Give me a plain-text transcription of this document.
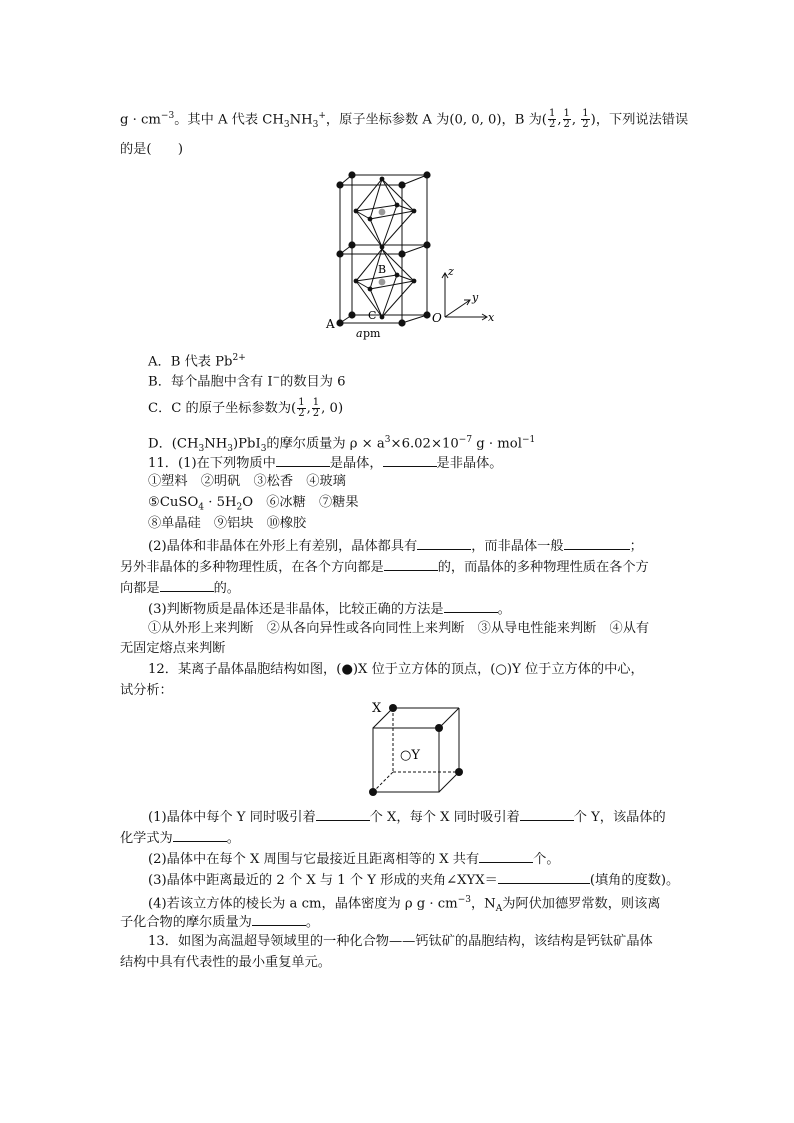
$g \cdot cm^{-3}$。其中 A 代表 $CH_3NH_3^+$，原子坐标参数 A 为(0, 0, 0)，B 为( $\frac{1}{2}$ , $\frac{1}{2}$ , $\frac{1}{2}$ )，下列说法错误
的是(　　)
A
B
C
a pm
O	x
y
z
A．B 代表 $Pb^{2+}$
B．每个晶胞中含有 I−的数目为 6
C．C 的原子坐标参数为( $\frac{1}{2}$ , $\frac{1}{2}$ , 0)
D．$(CH_3NH_3)PbI_3$的摩尔质量为 $\rho \times a^3\times 6.02\times 10^{-7}$ g · mol$^{-1}$
11．(1)在下列物质中	是晶体，	是非晶体。
①塑料　②明矾　③松香　④玻璃
⑤CuSO$_4$ · $5H_2O$　⑥冰糖　⑦糖果
⑧单晶硅　⑨铝块　⑩橡胶
(2)晶体和非晶体在外形上有差别，晶体都具有	，而非晶体一般	；
另外非晶体的多种物理性质，在各个方向都是	的，而晶体的多种物理性质在各个方
向都是	的。
(3)判断物质是晶体还是非晶体，比较正确的方法是	。
①从外形上来判断　②从各向异性或各向同性上来判断　③从导电性能来判断　④从有
无固定熔点来判断
12．某离子晶体晶胞结构如图，(●)X 位于立方体的顶点，(○)Y 位于立方体的中心，
试分析：
X
○Y
(1)晶体中每个 Y 同时吸引着	个 X，每个 X 同时吸引着	个 Y，该晶体的
化学式为	。
(2)晶体中在每个 X 周围与它最接近且距离相等的 X 共有	个。
(3)晶体中距离最近的 2 个 X 与 1 个 Y 形成的夹角∠XYX＝	(填角的度数)。
(4)若该立方体的棱长为 a cm，晶体密度为 ρ $g \cdot cm^{-3}$，$N_A$为阿伏加德罗常数，则该离
子化合物的摩尔质量为	。
13．如图为高温超导领域里的一种化合物——钙钛矿的晶胞结构，该结构是钙钛矿晶体
结构中具有代表性的最小重复单元。
